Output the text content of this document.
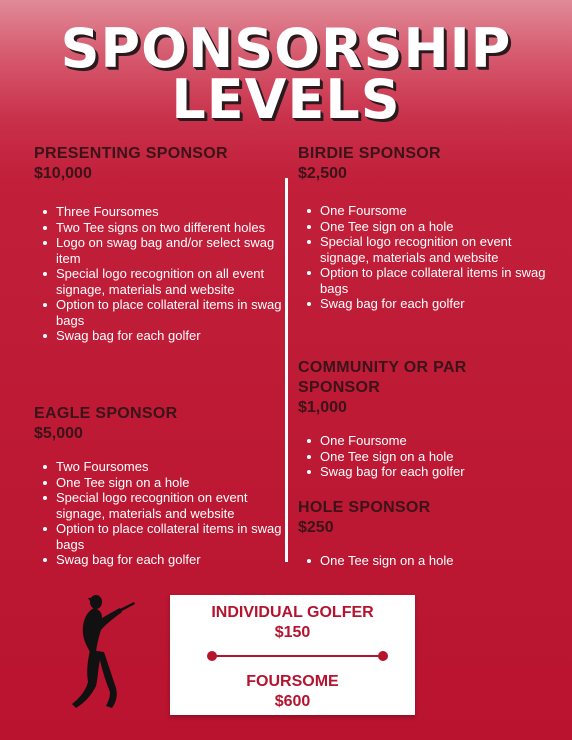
SPONSORSHIP
LEVELS
PRESENTING SPONSOR

$10,000

Three Foursomes
Two Tee signs on two different holes
Logo on swag bag and/or select swag item
Special logo recognition on all event signage, materials and website
Option to place collateral items in swag bags
Swag bag for each golfer
EAGLE SPONSOR

$5,000

Two Foursomes
One Tee sign on a hole
Special logo recognition on event signage, materials and website
Option to place collateral items in swag bags
Swag bag for each golfer
BIRDIE SPONSOR

$2,500

One Foursome
One Tee sign on a hole
Special logo recognition on event signage, materials and website
Option to place collateral items in swag bags
Swag bag for each golfer
COMMUNITY OR PAR SPONSOR

$1,000

One Foursome
One Tee sign on a hole
Swag bag for each golfer
HOLE SPONSOR

$250

One Tee sign on a hole

INDIVIDUAL GOLFER

$150

FOURSOME

$600
